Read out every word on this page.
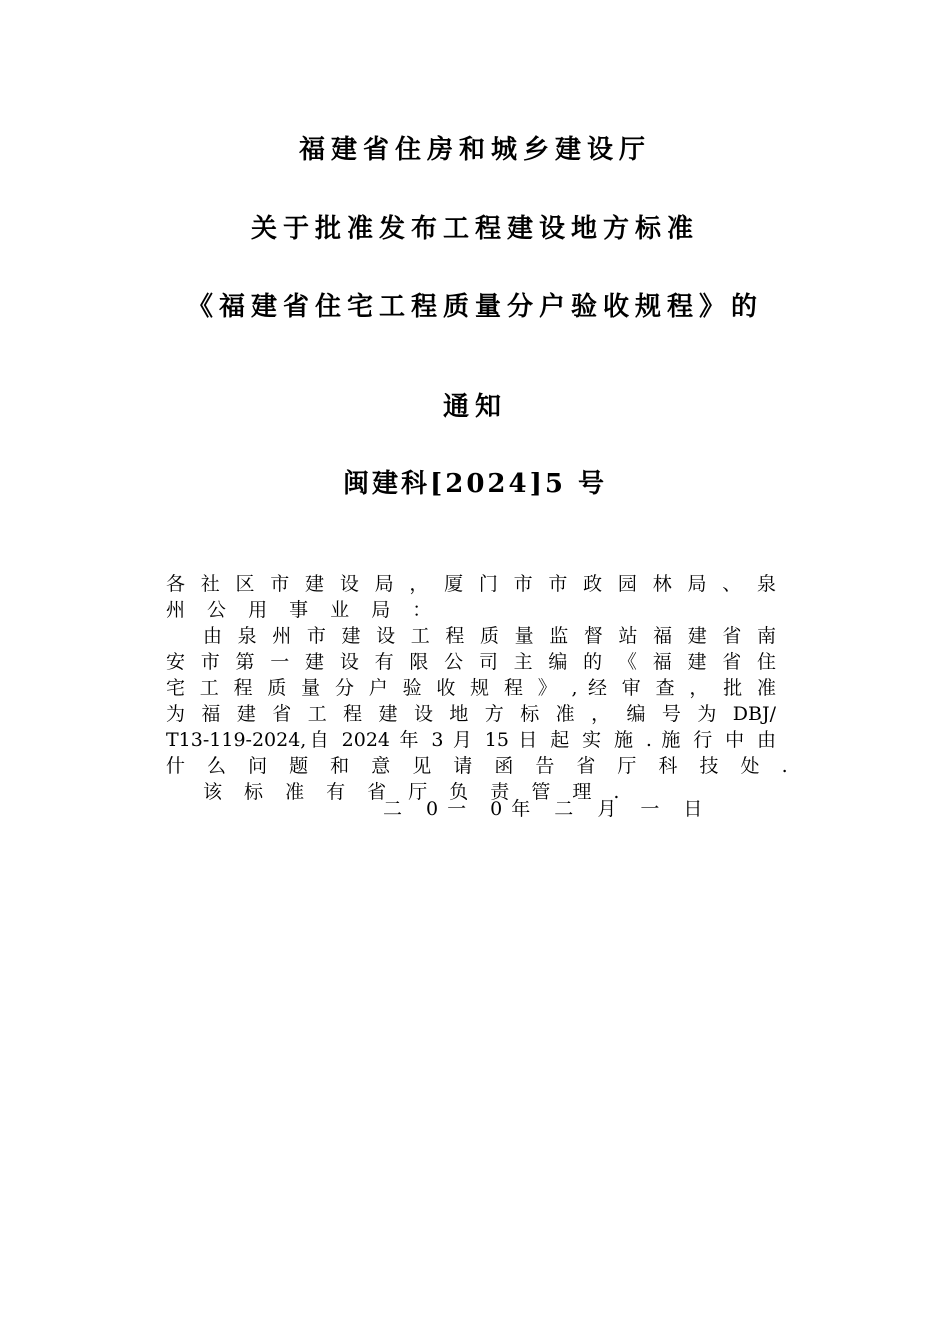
福建省住房和城乡建设厅
关于批准发布工程建设地方标准
《福建省住宅工程质量分户验收规程》的
通知
闽建科[2024]5 号
各 社 区 市 建 设 局 ， 厦 门 市 市 政 园 林 局 、 泉
州 公 用 事 业 局 ：
由 泉 州 市 建 设 工 程 质 量 监 督 站 福 建 省 南
安 市 第 一 建 设 有 限 公 司 主 编 的 《 福 建 省 住
宅 工 程 质 量 分 户 验 收 规 程 》 , 经 审 查 ， 批 准
为 福 建 省 工 程 建 设 地 方 标 准 ， 编 号 为 DBJ/
T13-119-2024,自 2024 年 3 月 15 日 起 实 施 . 施 行 中 由
什 么 问 题 和 意 见 请 函 告 省 厅 科 技 处 .
该 标 准 有 省 厅 负 责 管 理 .
二 0一 0年 二 月 一 日
